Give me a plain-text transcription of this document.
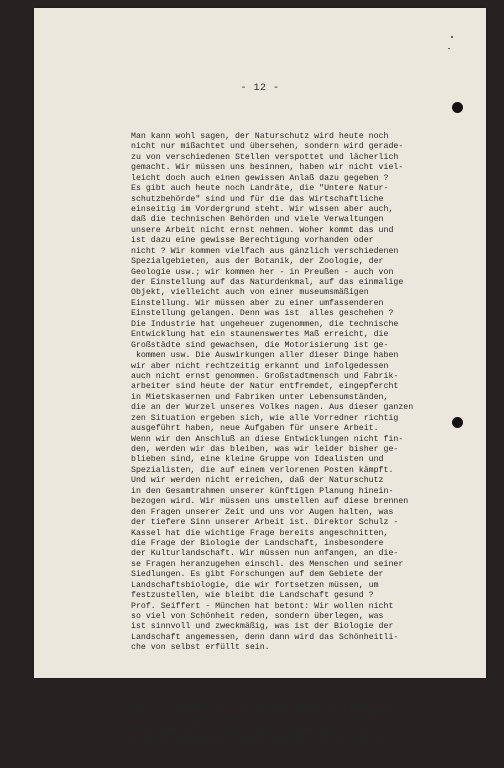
- 12 -

Man kann wohl sagen, der Naturschutz wird heute noch
nicht nur mißachtet und übersehen, sondern wird gerade-
zu von verschiedenen Stellen verspottet und lächerlich
gemacht. Wir müssen uns besinnen, haben wir nicht viel-
leicht doch auch einen gewissen Anlaß dazu gegeben ?
Es gibt auch heute noch Landräte, die "Untere Natur-
schutzbehörde" sind und für die das Wirtschaftliche
einseitig im Vordergrund steht. Wir wissen aber auch,
daß die technischen Behörden und viele Verwaltungen
unsere Arbeit nicht ernst nehmen. Woher kommt das und
ist dazu eine gewisse Berechtigung vorhanden oder
nicht ? Wir kommen vielfach aus gänzlich verschiedenen
Spezialgebieten, aus der Botanik, der Zoologie, der
Geologie usw.; wir kommen her - in Preußen - auch von
der Einstellung auf das Naturdenkmal, auf das einmalige
Objekt, vielleicht auch von einer museumsmäßigen
Einstellung. Wir müssen aber zu einer umfassenderen
Einstellung gelangen. Denn was ist  alles geschehen ?
Die Industrie hat ungeheuer zugenommen, die technische
Entwicklung hat ein staunenswertes Maß erreicht, die
Großstädte sind gewachsen, die Motorisierung ist ge-
kommen usw. Die Auswirkungen aller dieser Dinge haben
wir aber nicht rechtzeitig erkannt und infolgedessen
auch nicht ernst genommen. Großstadtmensch und Fabrik-
arbeiter sind heute der Natur entfremdet, eingepfercht
in Mietskasernen und Fabriken unter Lebensumständen,
die an der Wurzel unseres Volkes nagen. Aus dieser ganzen
zen Situation ergeben sich, wie alle Vorredner richtig
ausgeführt haben, neue Aufgaben für unsere Arbeit.
Wenn wir den Anschluß an diese Entwicklungen nicht fin-
den, werden wir das bleiben, was wir leider bisher ge-
blieben sind, eine kleine Gruppe von Idealisten und
Spezialisten, die auf einem verlorenen Posten kämpft.
Und wir werden nicht erreichen, daß der Naturschutz
in den Gesamtrahmen unserer künftigen Planung hinein-
bezogen wird. Wir müssen uns umstellen auf diese brennen
den Fragen unserer Zeit und uns vor Augen halten, was
der tiefere Sinn unserer Arbeit ist. Direktor Schulz -
Kassel hat die wichtige Frage bereits angeschnitten,
die Frage der Biologie der Landschaft, insbesondere
der Kulturlandschaft. Wir müssen nun anfangen, an die-
se Fragen heranzugehen einschl. des Menschen und seiner
Siedlungen. Es gibt Forschungen auf dem Gebiete der
Landschaftsbiologie, die wir fortsetzen müssen, um
festzustellen, wie bleibt die Landschaft gesund ?
Prof. Seiffert - München hat betont: Wir wollen nicht
so viel von Schönheit reden, sondern überlegen, was
ist sinnvoll und zweckmäßig, was ist der Biologie der
Landschaft angemessen, denn dann wird das Schönheitli-
che von selbst erfüllt sein.

Auch im Waldbau gilt das Gesetz: zeigt den richtigen
Wald am richtigen Platz und haltet ihn biologisch ge-
sund, dann ist er auch schön. Schwieriger ist die
Frage zu beantworten: wie halten wir die Flur gesund ?
